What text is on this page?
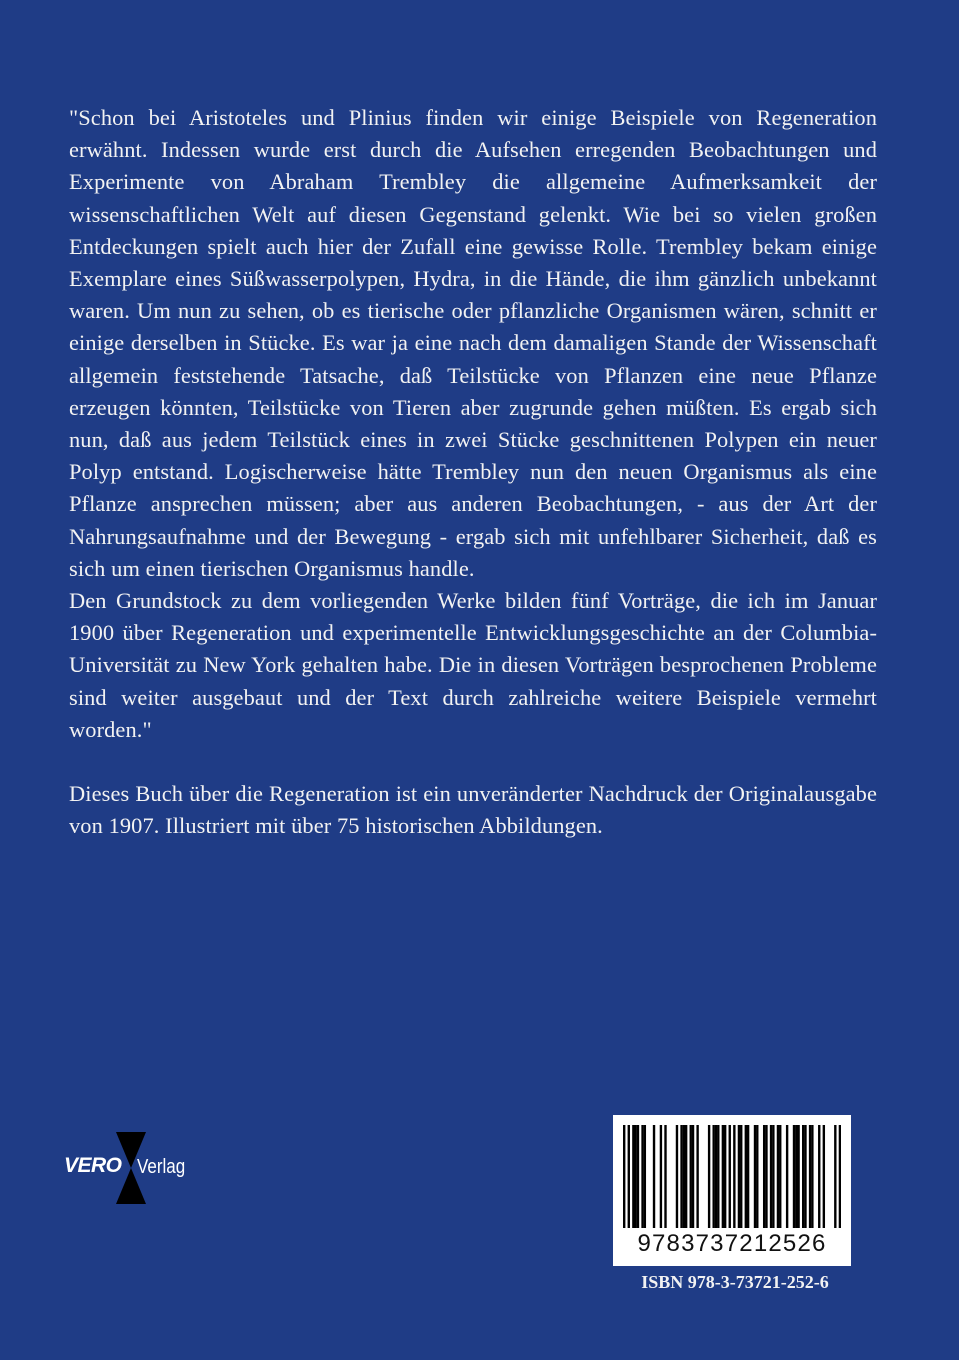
"Schon bei Aristoteles und Plinius finden wir einige Beispiele von Regeneration erwähnt. Indessen wurde erst durch die Aufsehen erregenden Beobachtungen und Experimente von Abraham Trembley die allgemeine Aufmerksamkeit der wissenschaftlichen Welt auf diesen Gegenstand gelenkt. Wie bei so vielen großen Entdeckungen spielt auch hier der Zufall eine gewisse Rolle. Trembley bekam einige Exemplare eines Süßwasserpolypen, Hydra, in die Hände, die ihm gänzlich unbekannt waren. Um nun zu sehen, ob es tierische oder pflanzliche Organismen wären, schnitt er einige derselben in Stücke. Es war ja eine nach dem damaligen Stande der Wissenschaft allgemein feststehende Tatsache, daß Teilstücke von Pflanzen eine neue Pflanze erzeugen könnten, Teilstücke von Tieren aber zugrunde gehen müßten. Es ergab sich nun, daß aus jedem Teilstück eines in zwei Stücke geschnittenen Polypen ein neuer Polyp entstand. Logischerweise hätte Trembley nun den neuen Organismus als eine Pflanze ansprechen müssen; aber aus anderen Beobachtungen, - aus der Art der Nahrungsaufnahme und der Bewegung - ergab sich mit unfehlbarer Sicherheit, daß es sich um einen tierischen Organismus handle.

Den Grundstock zu dem vorliegenden Werke bilden fünf Vorträge, die ich im Januar 1900 über Regeneration und experimentelle Entwicklungsgeschichte an der Columbia-Universität zu New York gehalten habe. Die in diesen Vorträgen besprochenen Probleme sind weiter ausgebaut und der Text durch zahlreiche weitere Beispiele vermehrt worden."

Dieses Buch über die Regeneration ist ein unveränderter Nachdruck der Originalausgabe von 1907. Illustriert mit über 75 historischen Abbildungen.

VERO Verlag
9783737212526
ISBN 978-3-73721-252-6
